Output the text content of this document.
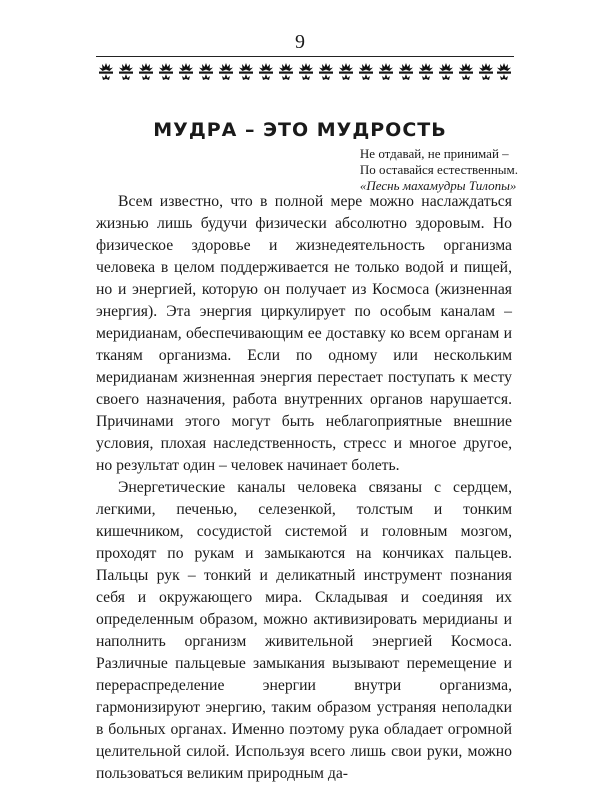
9
МУДРА – ЭТО МУДРОСТЬ
Не отдавай, не принимай –
По оставайся естественным.
«Песнь махамудры Тилопы»

Всем известно, что в полной мере можно наслаждаться жизнью лишь будучи физически абсолютно здоровым. Но физическое здоровье и жизнедеятельность организма человека в целом поддерживается не только водой и пищей, но и энергией, которую он получает из Космоса (жизненная энергия). Эта энергия циркулирует по особым каналам – меридианам, обеспечивающим ее доставку ко всем органам и тканям организма. Если по одному или нескольким меридианам жизненная энергия перестает поступать к месту своего назначения, работа внутренних органов нарушается. Причинами этого могут быть неблагоприятные внешние условия, плохая наследственность, стресс и многое другое, но результат один – человек начинает болеть.

Энергетические каналы человека связаны с сердцем, легкими, печенью, селезенкой, толстым и тонким кишечником, сосудистой системой и головным мозгом, проходят по рукам и замыкаются на кончиках пальцев. Пальцы рук – тонкий и деликатный инструмент познания себя и окружающего мира. Складывая и соединяя их определенным образом, можно активизировать меридианы и наполнить организм живительной энергией Космоса. Различные пальцевые замыкания вызывают перемещение и перераспределение энергии внутри организма, гармонизируют энергию, таким образом устраняя неполадки в больных органах. Именно поэтому рука обладает огромной целительной силой. Используя всего лишь свои руки, можно пользоваться великим природным да-
